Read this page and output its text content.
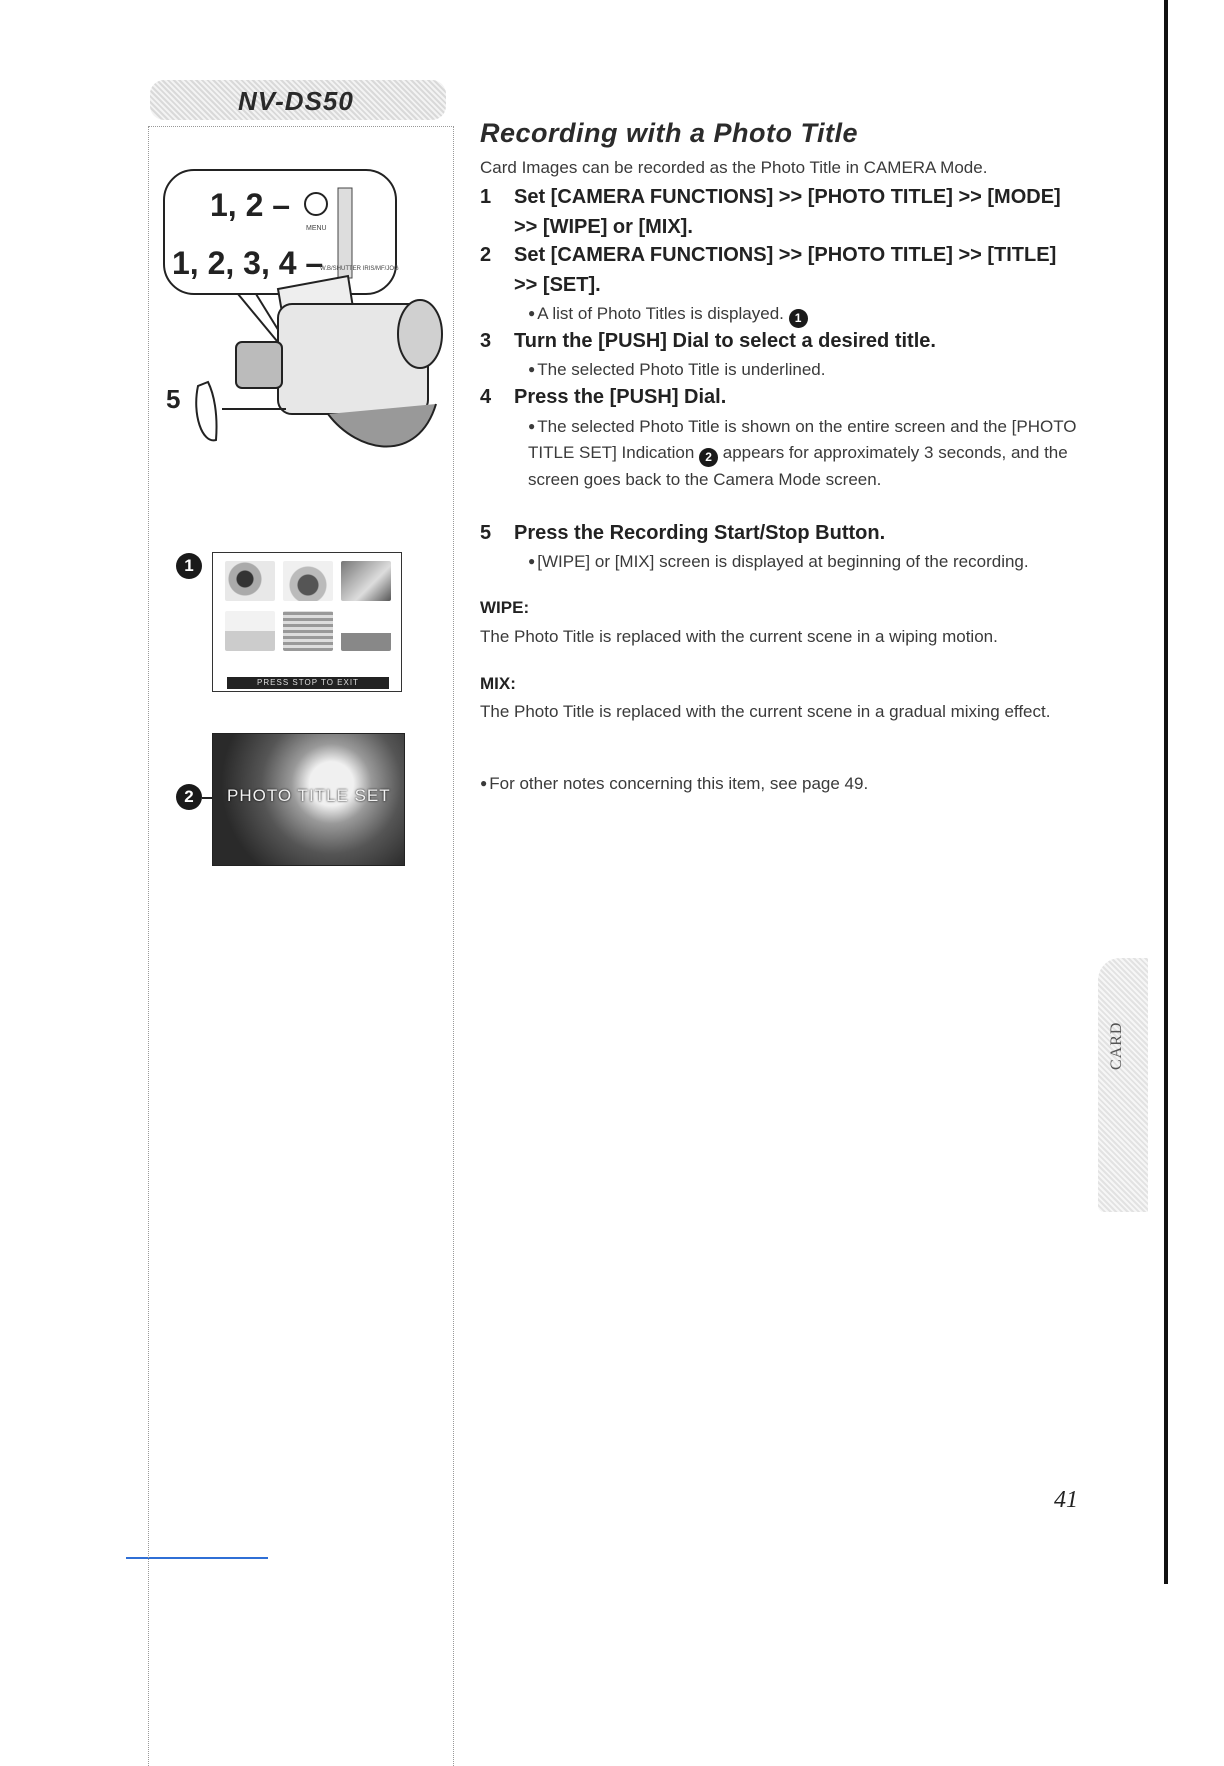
NV-DS50
1, 2 –
MENU
1, 2, 3, 4 –
W.B/SHUTTER IRIS/MF/JOG
5
1
PRESS STOP TO EXIT
2	PHOTO TITLE SET
Recording with a Photo Title
Card Images can be recorded as the Photo Title in CAMERA Mode.
1 Set [CAMERA FUNCTIONS] >> [PHOTO TITLE] >> [MODE] >> [WIPE] or [MIX].
2 Set [CAMERA FUNCTIONS] >> [PHOTO TITLE] >> [TITLE] >> [SET].
● A list of Photo Titles is displayed. 1
3 Turn the [PUSH] Dial to select a desired title.
● The selected Photo Title is underlined.
4 Press the [PUSH] Dial.
● The selected Photo Title is shown on the entire screen and the [PHOTO TITLE SET] Indication 2 appears for approximately 3 seconds, and the screen goes back to the Camera Mode screen.
5 Press the Recording Start/Stop Button.
● [WIPE] or [MIX] screen is displayed at beginning of the recording.
WIPE:
The Photo Title is replaced with the current scene in a wiping motion.
MIX:
The Photo Title is replaced with the current scene in a gradual mixing effect.
● For other notes concerning this item, see page 49.
CARD
41
